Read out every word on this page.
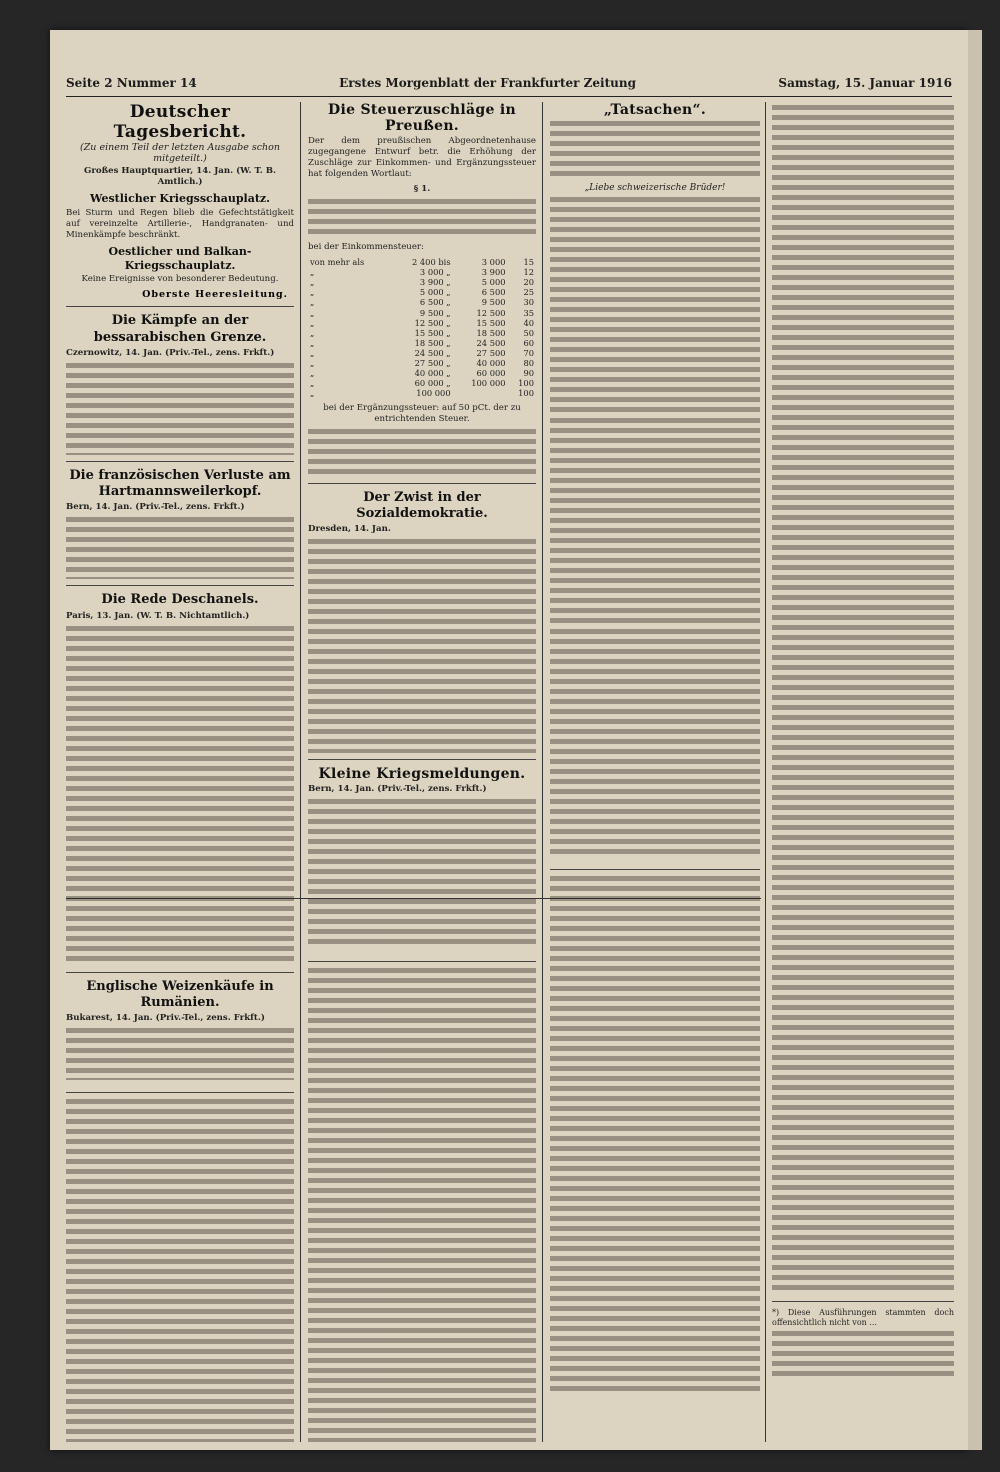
Seite 2 Nummer 14	Erstes Morgenblatt der Frankfurter Zeitung	Samstag, 15. Januar 1916
Deutscher Tagesbericht.
(Zu einem Teil der letzten Ausgabe schon mitgeteilt.)
Großes Hauptquartier, 14. Jan. (W. T. B. Amtlich.)
Westlicher Kriegsschauplatz.
Bei Sturm und Regen blieb die Gefechtstätigkeit auf vereinzelte Artillerie-, Handgranaten- und Minenkämpfe beschränkt.
Oestlicher und Balkan-Kriegsschauplatz.
Keine Ereignisse von besonderer Bedeutung.
Oberste Heeresleitung.
Die Kämpfe an der bessarabischen Grenze.
Czernowitz, 14. Jan. (Priv.-Tel., zens. Frkft.)
Die französischen Verluste am Hartmannsweilerkopf.
Bern, 14. Jan. (Priv.-Tel., zens. Frkft.)
Die Rede Deschanels.
Paris, 13. Jan. (W. T. B. Nichtamtlich.)
Englische Weizenkäufe in Rumänien.
Bukarest, 14. Jan. (Priv.-Tel., zens. Frkft.)
Die Steuerzuschläge in Preußen.
Der dem preußischen Abgeordnetenhause zugegangene Entwurf betr. die Erhöhung der Zuschläge zur Einkommen- und Ergänzungssteuer hat folgenden Wortlaut:
§ 1.
bei der Einkommensteuer:
von mehr als	2 400 bis	3 000	15
„	3 000 „	3 900	12
„	3 900 „	5 000	20
„	5 000 „	6 500	25
„	6 500 „	9 500	30
„	9 500 „	12 500	35
„	12 500 „	15 500	40
„	15 500 „	18 500	50
„	18 500 „	24 500	60
„	24 500 „	27 500	70
„	27 500 „	40 000	80
„	40 000 „	60 000	90
„	60 000 „	100 000	100
„	100 000		100
bei der Ergänzungssteuer: auf 50 pCt. der zu entrichtenden Steuer.
Der Zwist in der Sozialdemokratie.
Dresden, 14. Jan.
Kleine Kriegsmeldungen.
Bern, 14. Jan. (Priv.-Tel., zens. Frkft.)
„Tatsachen“.
„Liebe schweizerische Brüder!
*) Diese Ausführungen stammten doch offensichtlich nicht von ...
